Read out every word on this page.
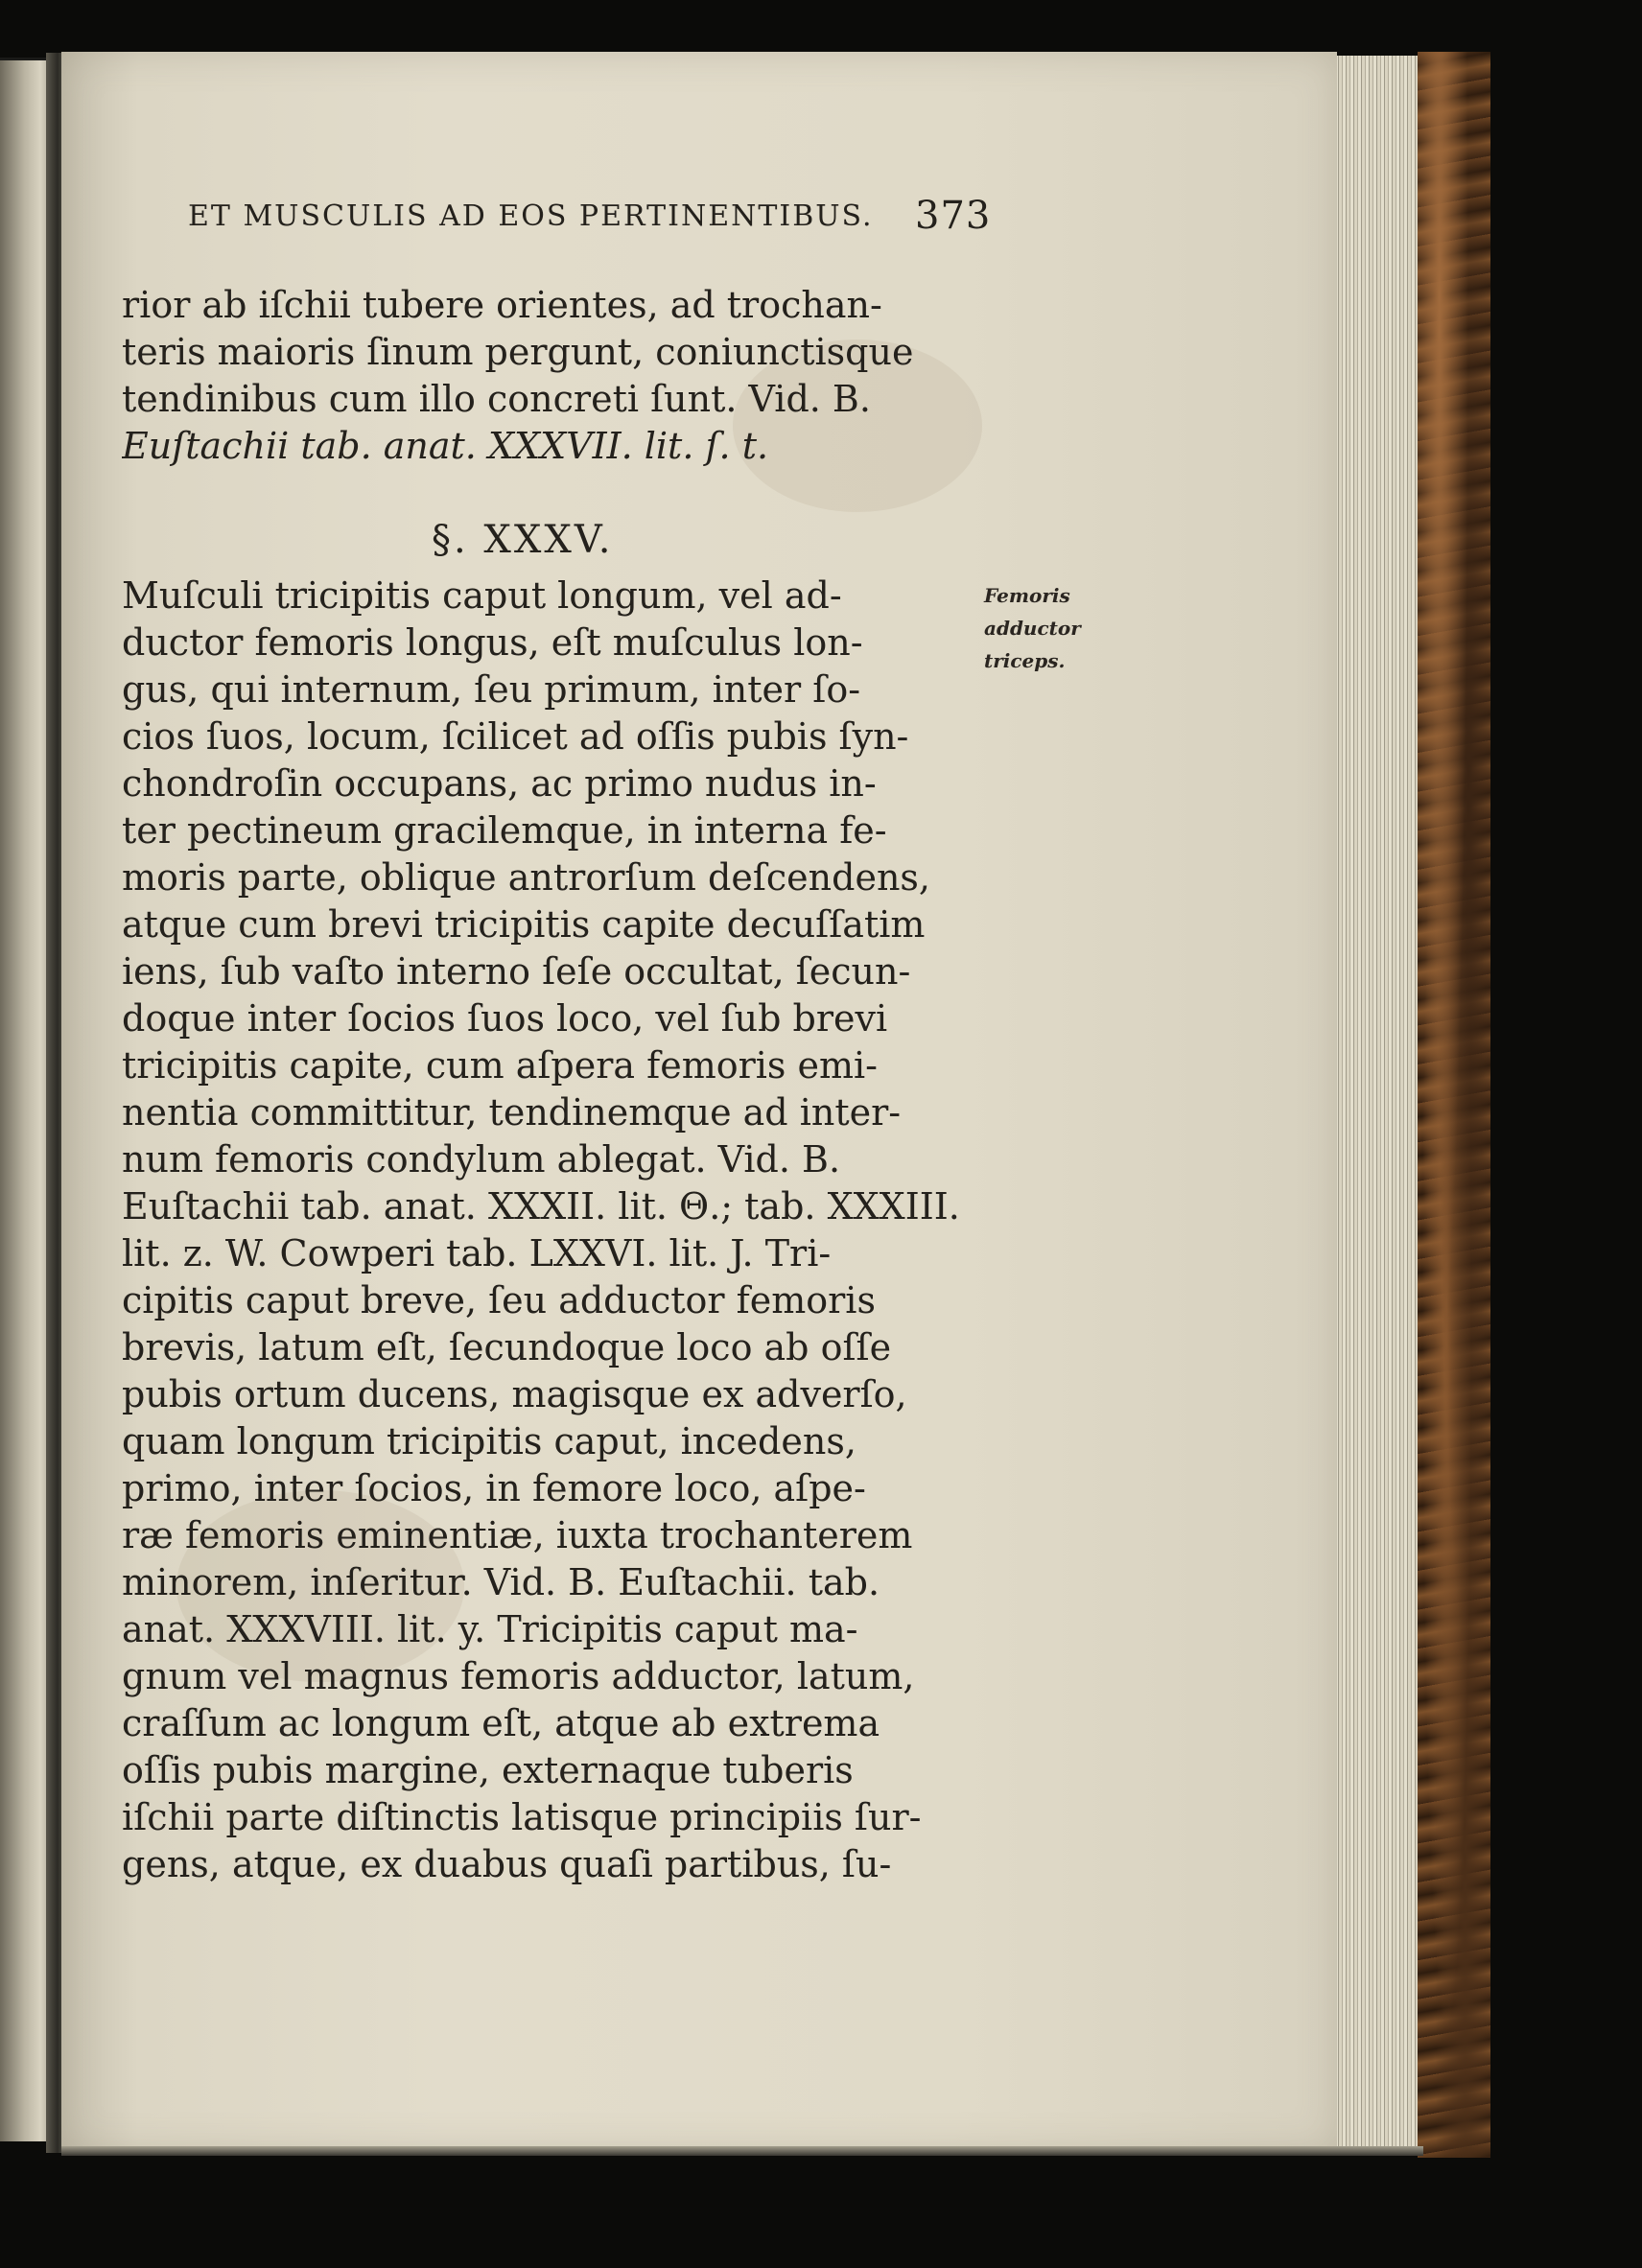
ET MUSCULIS AD EOS PERTINENTIBUS. 373
rior ab iſchii tubere orientes, ad trochan-
teris maioris ſinum pergunt, coniunctisque
tendinibus cum illo concreti ſunt. Vid. B.
Euſtachii tab. anat. XXXVII. lit. ſ. t.
§. XXXV.
Femoris
adductor
triceps.
Muſculi tricipitis caput longum, vel ad-
ductor femoris longus, eſt muſculus lon-
gus, qui internum, ſeu primum, inter ſo-
cios ſuos, locum, ſcilicet ad oſſis pubis ſyn-
chondroſin occupans, ac primo nudus in-
ter pectineum gracilemque, in interna fe-
moris parte, oblique antrorſum deſcendens,
atque cum brevi tricipitis capite decuſſatim
iens, ſub vaſto interno ſeſe occultat, ſecun-
doque inter ſocios ſuos loco, vel ſub brevi
tricipitis capite, cum aſpera femoris emi-
nentia committitur, tendinemque ad inter-
num femoris condylum ablegat. Vid. B.
Euſtachii tab. anat. XXXII. lit. Θ.; tab. XXXIII.
lit. z. W. Cowperi tab. LXXVI. lit. J. Tri-
cipitis caput breve, ſeu adductor femoris
brevis, latum eſt, ſecundoque loco ab oſſe
pubis ortum ducens, magisque ex adverſo,
quam longum tricipitis caput, incedens,
primo, inter ſocios, in femore loco, aſpe-
ræ femoris eminentiæ, iuxta trochanterem
minorem, inſeritur. Vid. B. Euſtachii. tab.
anat. XXXVIII. lit. y. Tricipitis caput ma-
gnum vel magnus femoris adductor, latum,
craſſum ac longum eſt, atque ab extrema
oſſis pubis margine, externaque tuberis
iſchii parte diſtinctis latisque principiis ſur-
gens, atque, ex duabus quaſi partibus, ſu-
